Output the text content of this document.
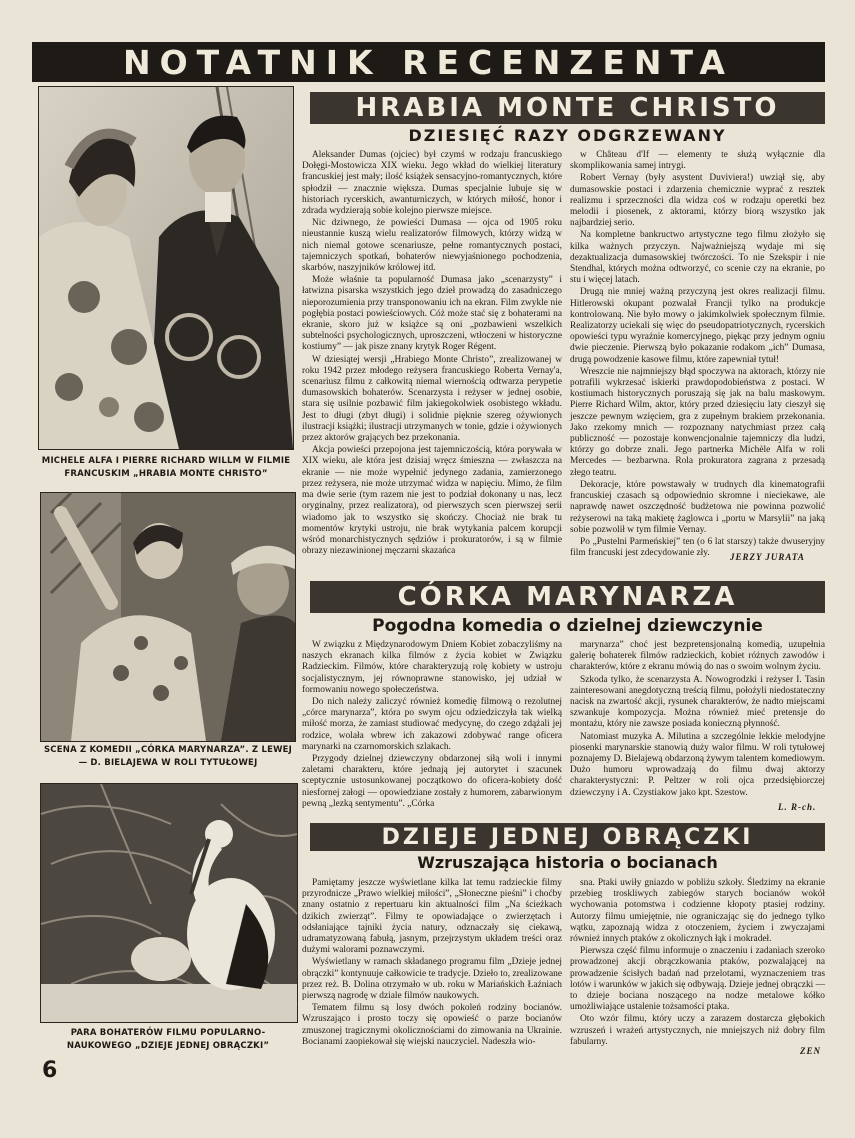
NOTATNIK RECENZENTA
MICHELE ALFA I PIERRE RICHARD WILLM W FILMIE FRANCUSKIM „HRABIA MONTE CHRISTO”
SCENA Z KOMEDII „CÓRKA MARYNARZA”. Z LEWEJ — D. BIELAJEWA W ROLI TYTUŁOWEJ
PARA BOHATERÓW FILMU POPULARNO-NAUKOWEGO „DZIEJE JEDNEJ OBRĄCZKI”
HRABIA MONTE CHRISTO
DZIESIĘĆ RAZY ODGRZEWANY

Aleksander Dumas (ojciec) był czymś w rodzaju francuskiego Dołęgi-Mostowicza XIX wieku. Jego wkład do wielkiej literatury francuskiej jest mały; ilość książek sensacyjno-romantycznych, które spłodził — znacznie większa. Dumas specjalnie lubuje się w historiach rycerskich, awanturniczych, w których miłość, honor i zdrada wydzierają sobie kolejno pierwsze miejsce.

Nic dziwnego, że powieści Dumasa — ojca od 1905 roku nieustannie kuszą wielu realizatorów filmowych, którzy widzą w nich niemal gotowe scenariusze, pełne romantycznych postaci, tajemniczych spotkań, bohaterów niewyjaśnionego pochodzenia, skarbów, naszyjników królowej itd.

Może właśnie ta popularność Dumasa jako „scenarzysty” i łatwizna pisarska wszystkich jego dzieł prowadzą do zasadniczego nieporozumienia przy transponowaniu ich na ekran. Film zwykle nie pogłębia postaci powieściowych. Cóż może stać się z bohaterami na ekranie, skoro już w książce są oni „pozbawieni wszelkich subtelności psychologicznych, uproszczeni, wtłoczeni w historyczne kostiumy” — jak pisze znany krytyk Roger Régent.

W dziesiątej wersji „Hrabiego Monte Christo”, zrealizowanej w roku 1942 przez młodego reżysera francuskiego Roberta Vernay'a, scenariusz filmu z całkowitą niemal wiernością odtwarza perypetie dumasowskich bohaterów. Scenarzysta i reżyser w jednej osobie, stara się usilnie pozbawić film jakiegokolwiek osobistego wkładu. Jest to długi (zbyt długi) i solidnie pięknie szereg ożywionych ilustracji książki; ilustracji utrzymanych w tonie, gdzie i ożywionych przez aktorów grających bez przekonania.

Akcja powieści przepojona jest tajemniczością, która porywała w XIX wieku, ale która jest dzisiaj wręcz śmieszna — zwłaszcza na ekranie — nie może wypełnić jedynego zadania, zamierzonego przez reżysera, nie może utrzymać widza w napięciu. Mimo, że film ma dwie serie (tym razem nie jest to podział dokonany u nas, lecz oryginalny, przez realizatora), od pierwszych scen pierwszej serii wiadomo jak to wszystko się skończy. Chociaż nie brak tu momentów krytyki ustroju, nie brak wytykania palcem korupcji wśród monarchistycznych sędziów i prokuratorów, i są w filmie obrazy niezawinionej męczarni skazańca

w Château d'If — elementy te służą wyłącznie dla skomplikowania samej intrygi.

Robert Vernay (były asystent Duviviera!) uwziął się, aby dumasowskie postaci i zdarzenia chemicznie wyprać z resztek realizmu i sprzeczności dla widza coś w rodzaju operetki bez melodii i piosenek, z aktorami, którzy biorą wszystko jak najbardziej serio.

Na kompletne bankructwo artystyczne tego filmu złożyło się kilka ważnych przyczyn. Najważniejszą wydaje mi się dezaktualizacja dumasowskiej twórczości. To nie Szekspir i nie Stendhal, których można odtworzyć, co scenie czy na ekranie, po stu i więcej latach.

Drugą nie mniej ważną przyczyną jest okres realizacji filmu. Hitlerowski okupant pozwalał Francji tylko na produkcje kontrolowaną. Nie było mowy o jakimkolwiek społecznym filmie. Realizatorzy uciekali się więc do pseudopatriotycznych, rycerskich opowieści typu wyraźnie komercyjnego, piękąc przy jednym ogniu dwie pieczenie. Pierwszą było pokazanie rodakom „ich” Dumasa, drugą powodzenie kasowe filmu, które zapewniał tytuł!

Wreszcie nie najmniejszy błąd spoczywa na aktorach, którzy nie potrafili wykrzesać iskierki prawdopodobieństwa z postaci. W kostiumach historycznych poruszają się jak na balu maskowym. Pierre Richard Wilm, aktor, który przed dziesięciu laty cieszył się jeszcze pewnym wzięciem, gra z zupełnym brakiem przekonania. Jako rzekomy mnich — rozpoznany natychmiast przez całą publiczność — pozostaje konwencjonalnie tajemniczy dla ludzi, którzy go dobrze znali. Jego partnerka Michèle Alfa w roli Mercedes — bezbarwna. Rola prokuratora zagrana z przesadą złego teatru.

Dekoracje, które powstawały w trudnych dla kinematografii francuskiej czasach są odpowiednio skromne i nieciekawe, ale naprawdę nawet oszczędność budżetowa nie powinna pozwolić reżyserowi na taką makietę żaglowca i „portu w Marsylii” na jaką sobie pozwolił w tym filmie Vernay.

Po „Pustelni Parmeńskiej” ten (o 6 lat starszy) także dwuseryjny film francuski jest zdecydowanie zły.	JERZY JURATA
CÓRKA MARYNARZA
Pogodna komedia o dzielnej dziewczynie

W związku z Międzynarodowym Dniem Kobiet zobaczyliśmy na naszych ekranach kilka filmów z życia kobiet w Związku Radzieckim. Filmów, które charakteryzują rolę kobiety w ustroju socjalistycznym, jej równoprawne stanowisko, jej udział w formowaniu nowego społeczeństwa.

Do nich należy zaliczyć również komedię filmową o rezolutnej „córce marynarza”, która po swym ojcu odziedziczyła tak wielką miłość morza, że zamiast studiować medycynę, do czego zdążali jej rodzice, wolała wbrew ich zakazowi zdobywać range oficera marynarki na czarnomorskich szlakach.

Przygody dzielnej dziewczyny obdarzonej siłą woli i innymi zaletami charakteru, które jednają jej autorytet i szacunek sceptycznie ustosunkowanej początkowo do oficera-kobiety dość niesfornej załogi — opowiedziane zostały z humorem, zabarwionym pewną „lezką sentymentu”. „Córka

marynarza” choć jest bezpretensjonalną komedią, uzupełnia galerię bohaterek filmów radzieckich, kobiet różnych zawodów i charakterów, które z ekranu mówią do nas o swoim wolnym życiu.

Szkoda tylko, że scenarzysta A. Nowogrodzki i reżyser I. Tasin zainteresowani anegdotyczną treścią filmu, położyli niedostateczny nacisk na zwartość akcji, rysunek charakterów, że nadto miejscami szwankuje kompozycja. Można również mieć pretensje do montażu, który nie zawsze posiada konieczną płynność.

Natomiast muzyka A. Milutina a szczególnie lekkie melodyjne piosenki marynarskie stanowią duży walor filmu. W roli tytułowej poznajemy D. Bielajewą obdarzoną żywym talentem komediowym. Dużo humoru wprowadzają do filmu dwaj aktorzy charakterystyczni: P. Peltzer w roli ojca przedsiębiorczej dziewczyny i A. Czystiakow jako kpt. Szestow.

L. R-ch.
DZIEJE JEDNEJ OBRĄCZKI
Wzruszająca historia o bocianach

Pamiętamy jeszcze wyświetlane kilka lat temu radzieckie filmy przyrodnicze „Prawo wielkiej miłości”, „Słoneczne pieśni” i choćby znany ostatnio z repertuaru kin aktualności film „Na ścieżkach dzikich zwierząt”. Filmy te opowiadające o zwierzętach i odsłaniające tajniki życia natury, odznaczały się ciekawą, udramatyzowaną fabułą, jasnym, przejrzystym układem treści oraz dużymi walorami poznawczymi.

Wyświetlany w ramach składanego programu film „Dzieje jednej obrączki” kontynuuje całkowicie te tradycje. Dzieło to, zrealizowane przez reż. B. Dolina otrzymało w ub. roku w Mariańskich Łaźniach pierwszą nagrodę w dziale filmów naukowych.

Tematem filmu są losy dwóch pokoleń rodziny bocianów. Wzruszająco i prosto toczy się opowieść o parze bocianów zmuszonej tragicznymi okolicznościami do zimowania na Ukrainie. Bocianami zaopiekował się wiejski nauczyciel. Nadeszła wio-

sna. Ptaki uwiły gniazdo w pobliżu szkoły. Śledzimy na ekranie przebieg troskliwych zabiegów starych bocianów wokół wychowania potomstwa i codzienne kłopoty ptasiej rodziny. Autorzy filmu umiejętnie, nie ograniczając się do jednego tylko wątku, zapoznają widza z otoczeniem, życiem i zwyczajami również innych ptaków z okolicznych łąk i mokradeł.

Pierwsza część filmu informuje o znaczeniu i zadaniach szeroko prowadzonej akcji obrączkowania ptaków, pozwalającej na prowadzenie ścisłych badań nad przelotami, wyznaczeniem tras lotów i warunków w jakich się odbywają. Dzieje jednej obrączki — to dzieje bociana noszącego na nodze metalowe kółko umożliwiające ustalenie tożsamości ptaka.

Oto wzór filmu, który uczy a zarazem dostarcza głębokich wzruszeń i wrażeń artystycznych, nie mniejszych niż dobry film fabularny.

ZEN
6
